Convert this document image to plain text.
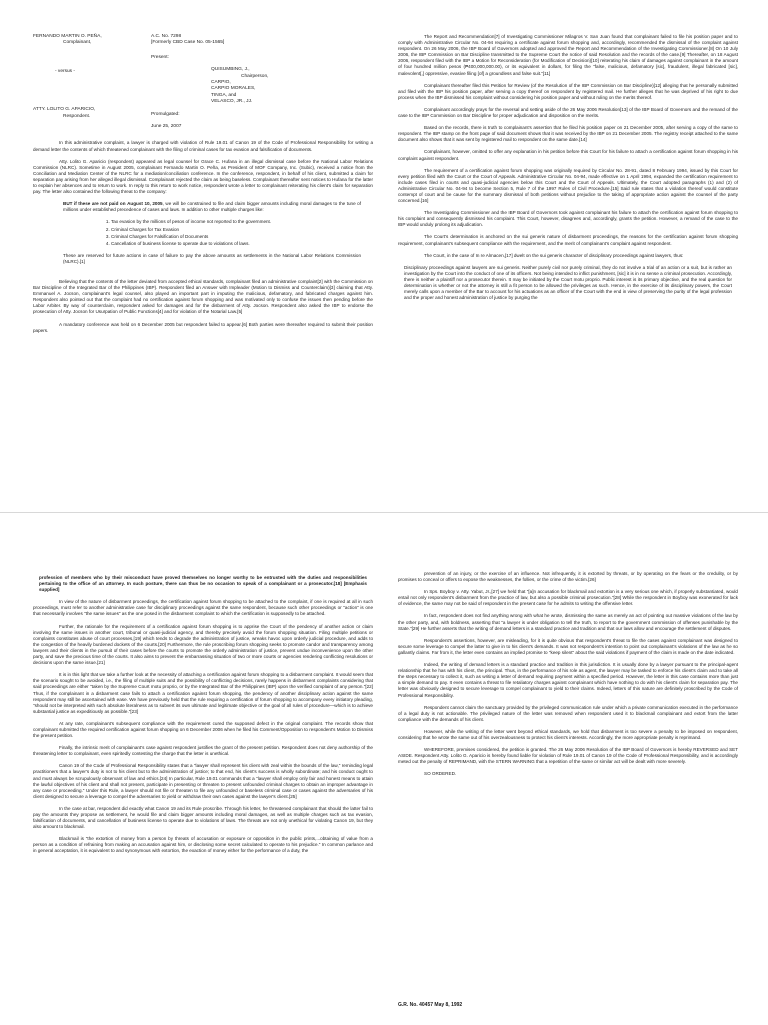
FERNANDO MARTIN O. PEÑA,
Complainant,
- versus -
ATTY. LOLITO G. APARICIO,
Respondent.

A.C. No. 7298
[Formerly CBD Case No. 05-1565]
Present:
QUISUMBING, J.,
Chairperson,
CARPIO,
CARPIO MORALES,
TINGA, and
VELASCO, JR., JJ.
Promulgated:
June 25, 2007

In this administrative complaint, a lawyer is charged with violation of Rule 19.01 of Canon 19 of the Code of Professional Responsibility for writing a demand letter the contents of which threatened complainant with the filing of criminal cases for tax evasion and falsification of documents.

Atty. Lolito G. Aparicio (respondent) appeared as legal counsel for Grace C. Hufana in an illegal dismissal case before the National Labor Relations Commission (NLRC). Sometime in August 2005, complainant Fernando Martin O. Peña, as President of MOF Company, Inc. (Subic), received a notice from the Conciliation and Mediation Center of the NLRC for a mediation/conciliation conference. In the conference, respondent, in behalf of his client, submitted a claim for separation pay arising from her alleged illegal dismissal. Complainant rejected the claim as being baseless. Complainant thereafter sent notices to Hufana for the latter to explain her absences and to return to work. In reply to this return to work notice, respondent wrote a letter to complainant reiterating his client's claim for separation pay. The letter also contained the following threat to the company:

BUT if these are not paid on August 10, 2005, we will be constrained to file and claim bigger amounts including moral damages to the tune of millions under established precedence of cases and laws. In addition to other multiple charges like:

1. Tax evasion by the millions of pesos of income not reported to the government.
2. Criminal Charges for Tax Evasion
3. Criminal Charges for Falsification of Documents
4. Cancellation of business license to operate due to violations of laws.

These are reserved for future actions in case of failure to pay the above amounts as settlements in the National Labor Relations Commission (NLRC).[1]

Believing that the contents of the letter deviated from accepted ethical standards, complainant filed an administrative complaint[2] with the Commission on Bar Discipline of the Integrated Bar of the Philippines (IBP). Respondent filed an Answer with Impleader (Motion to Dismiss and Counterclaim)[3] claiming that Atty. Emmanuel A. Jocson, complainant's legal counsel, also played an important part in imputing the malicious, defamatory, and fabricated charges against him. Respondent also pointed out that the complaint had no certification against forum shopping and was motivated only to confuse the issues then pending before the Labor Arbiter. By way of counterclaim, respondent asked for damages and for the disbarment of Atty. Jocson. Respondent also asked the IBP to endorse the prosecution of Atty. Jocson for Usurpation of Public Functions[4] and for violation of the Notarial Law.[5]

A mandatory conference was held on 6 December 2005 but respondent failed to appear.[6] Both parties were thereafter required to submit their position papers.

The Report and Recommendation[7] of Investigating Commissioner Milagros V. San Juan found that complainant failed to file his position paper and to comply with Administrative Circular No. 04-94 requiring a certificate against forum shopping and, accordingly, recommended the dismissal of the complaint against respondent. On 26 May 2006, the IBP Board of Governors adopted and approved the Report and Recommendation of the Investigating Commissioner.[8] On 10 July 2006, the IBP Commission on Bar Discipline transmitted to the Supreme Court the notice of said Resolution and the records of the case.[9] Thereafter, on 18 August 2006, respondent filed with the IBP a Motion for Reconsideration (for Modification of Decision)[10] reiterating his claim of damages against complainant in the amount of four hundred million pesos (₱400,000,000.00), or its equivalent in dollars, for filing the "false, malicious, defamatory [sic], fraudulent, illegal fabricated [sic], malevolent[,] oppressive, evasive filing [of] a groundless and false suit."[11]

Complainant thereafter filed this Petition for Review (of the Resolution of the IBP Commission on Bar Discipline)[12] alleging that he personally submitted and filed with the IBP his position paper, after serving a copy thereof on respondent by registered mail. He further alleges that he was deprived of his right to due process when the IBP dismissed his complaint without considering his position paper and without ruling on the merits thereof.

Complainant accordingly prays for the reversal and setting aside of the 26 May 2006 Resolution[13] of the IBP Board of Governors and the remand of the case to the IBP Commission on Bar Discipline for proper adjudication and disposition on the merits.

Based on the records, there is truth to complainant's assertion that he filed his position paper on 21 December 2005, after serving a copy of the same to respondent. The IBP stamp on the front page of said document shows that it was received by the IBP on 21 December 2005. The registry receipt attached to the same document also shows that it was sent by registered mail to respondent on the same date.[14]

Complainant, however, omitted to offer any explanation in his petition before this Court for his failure to attach a certification against forum shopping in his complaint against respondent.

The requirement of a certification against forum shopping was originally required by Circular No. 28-91, dated 8 February 1994, issued by this Court for every petition filed with the Court or the Court of Appeals. Administrative Circular No. 04-94, made effective on 1 April 1994, expanded the certification requirement to include cases filed in courts and quasi-judicial agencies below this Court and the Court of Appeals. Ultimately, the Court adopted paragraphs (1) and (2) of Administrative Circular No. 04-94 to become Section 5, Rule 7 of the 1997 Rules of Civil Procedure.[15] Said rule states that a violation thereof would constitute contempt of court and be cause for the summary dismissal of both petitions without prejudice to the taking of appropriate action against the counsel of the party concerned.[16]

The Investigating Commissioner and the IBP Board of Governors took against complainant his failure to attach the certification against forum shopping to his complaint and consequently dismissed his complaint. This Court, however, disagrees and, accordingly, grants the petition. However, a remand of the case to the IBP would unduly prolong its adjudication.

The Court's determination is anchored on the sui generis nature of disbarment proceedings, the reasons for the certification against forum shopping requirement, complainant's subsequent compliance with the requirement, and the merit of complainant's complaint against respondent.

The Court, in the case of In re Almacen,[17] dwelt on the sui generis character of disciplinary proceedings against lawyers, thus:

Disciplinary proceedings against lawyers are sui generis. Neither purely civil nor purely criminal, they do not involve a trial of an action or a suit, but is rather an investigation by the Court into the conduct of one of its officers. Not being intended to inflict punishment, [sic] it is in no sense a criminal prosecution. Accordingly, there is neither a plaintiff nor a prosecutor therein. It may be initiated by the Court motu proprio. Public interest is its primary objective, and the real question for determination is whether or not the attorney is still a fit person to be allowed the privileges as such. Hence, in the exercise of its disciplinary powers, the Court merely calls upon a member of the Bar to account for his actuations as an officer of the Court with the end in view of preserving the purity of the legal profession and the proper and honest administration of justice by purging the

profession of members who by their misconduct have proved themselves no longer worthy to be entrusted with the duties and responsibilities pertaining to the office of an attorney. In such posture, there can thus be no occasion to speak of a complainant or a prosecutor.[18] [Emphasis supplied]

In view of the nature of disbarment proceedings, the certification against forum shopping to be attached to the complaint, if one is required at all in such proceedings, must refer to another administrative case for disciplinary proceedings against the same respondent, because such other proceedings or "action" is one that necessarily involves "the same issues" as the one posed in the disbarment complaint to which the certification is supposedly to be attached.

Further, the rationale for the requirement of a certification against forum shopping is to apprise the Court of the pendency of another action or claim involving the same issues in another court, tribunal or quasi-judicial agency, and thereby precisely avoid the forum shopping situation. Filing multiple petitions or complaints constitutes abuse of court processes,[19] which tends to degrade the administration of justice, wreaks havoc upon orderly judicial procedure, and adds to the congestion of the heavily burdened dockets of the courts.[20] Furthermore, the rule proscribing forum shopping seeks to promote candor and transparency among lawyers and their clients in the pursuit of their cases before the courts to promote the orderly administration of justice, prevent undue inconvenience upon the other party, and save the precious time of the courts. It also aims to prevent the embarrassing situation of two or more courts or agencies rendering conflicting resolutions or decisions upon the same issue.[21]

It is in this light that we take a further look at the necessity of attaching a certification against forum shopping to a disbarment complaint. It would seem that the scenario sought to be avoided, i.e., the filing of multiple suits and the possibility of conflicting decisions, rarely happens in disbarment complaints considering that said proceedings are either "taken by the Supreme Court motu proprio, or by the Integrated Bar of the Philippines (IBP) upon the verified complaint of any person."[22] Thus, if the complainant in a disbarment case fails to attach a certification against forum shopping, the pendency of another disciplinary action against the same respondent may still be ascertained with ease. We have previously held that the rule requiring a certification of forum shopping to accompany every initiatory pleading, "should not be interpreted with such absolute literalness as to subvert its own ultimate and legitimate objective or the goal of all rules of procedure—which is to achieve substantial justice as expeditiously as possible."[23]

At any rate, complainant's subsequent compliance with the requirement cured the supposed defect in the original complaint. The records show that complainant submitted the required certification against forum shopping on 6 December 2006 when he filed his Comment/Opposition to respondent's Motion to Dismiss the present petition.

Finally, the intrinsic merit of complainant's case against respondent justifies the grant of the present petition. Respondent does not deny authorship of the threatening letter to complainant, even spiritedly contesting the charge that the letter is unethical.

Canon 19 of the Code of Professional Responsibility states that a "lawyer shall represent his client with zeal within the bounds of the law," reminding legal practitioners that a lawyer's duty is not to his client but to the administration of justice; to that end, his client's success is wholly subordinate; and his conduct ought to and must always be scrupulously observant of law and ethics.[24] In particular, Rule 19.01 commands that a "lawyer shall employ only fair and honest means to attain the lawful objectives of his client and shall not present, participate in presenting or threaten to present unfounded criminal charges to obtain an improper advantage in any case or proceeding." Under this Rule, a lawyer should not file or threaten to file any unfounded or baseless criminal case or cases against the adversaries of his client designed to secure a leverage to compel the adversaries to yield or withdraw their own cases against the lawyer's client.[25]

In the case at bar, respondent did exactly what Canon 19 and its Rule proscribe. Through his letter, he threatened complainant that should the latter fail to pay the amounts they propose as settlement, he would file and claim bigger amounts including moral damages, as well as multiple charges such as tax evasion, falsification of documents, and cancellation of business license to operate due to violations of laws. The threats are not only unethical for violating Canon 19, but they also amount to blackmail.

Blackmail is "the extortion of money from a person by threats of accusation or exposure or opposition in the public prints,...obtaining of value from a person as a condition of refraining from making an accusation against him, or disclosing some secret calculated to operate to his prejudice." In common parlance and in general acceptation, it is equivalent to and synonymous with extortion, the exaction of money either for the performance of a duty, the

prevention of an injury, or the exercise of an influence. Not infrequently, it is extorted by threats, or by operating on the fears or the credulity, or by promises to conceal or offers to expose the weaknesses, the follies, or the crime of the victim.[26]

In Sps. Boyboy v. Atty. Yabut, Jr.,[27] we held that "[a]n accusation for blackmail and extortion is a very serious one which, if properly substantiated, would entail not only respondent's disbarment from the practice of law, but also a possible criminal prosecution."[28] While the respondent in Boyboy was exonerated for lack of evidence, the same may not be said of respondent in the present case for he admits to writing the offensive letter.

In fact, respondent does not find anything wrong with what he wrote, dismissing the same as merely an act of pointing out massive violations of the law by the other party, and, with boldness, asserting that "a lawyer is under obligation to tell the truth, to report to the government commission of offenses punishable by the State."[29] He further asserts that the writing of demand letters is a standard practice and tradition and that our laws allow and encourage the settlement of disputes.

Respondent's assertions, however, are misleading, for it is quite obvious that respondent's threat to file the cases against complainant was designed to secure some leverage to compel the latter to give in to his client's demands. It was not respondent's intention to point out complainant's violations of the law as he so gallantly claims. Far from it, the letter even contains an implied promise to "keep silent" about the said violations if payment of the claim is made on the date indicated.

Indeed, the writing of demand letters is a standard practice and tradition in this jurisdiction. It is usually done by a lawyer pursuant to the principal-agent relationship that he has with his client, the principal. Thus, in the performance of his role as agent, the lawyer may be tasked to enforce his client's claim and to take all the steps necessary to collect it, such as writing a letter of demand requiring payment within a specified period. However, the letter in this case contains more than just a simple demand to pay. It even contains a threat to file retaliatory charges against complainant which have nothing to do with his client's claim for separation pay. The letter was obviously designed to secure leverage to compel complainant to yield to their claims. Indeed, letters of this nature are definitely proscribed by the Code of Professional Responsibility.

Respondent cannot claim the sanctuary provided by the privileged communication rule under which a private communication executed in the performance of a legal duty is not actionable. The privileged nature of the letter was removed when respondent used it to blackmail complainant and extort from the latter compliance with the demands of his client.

However, while the writing of the letter went beyond ethical standards, we hold that disbarment is too severe a penalty to be imposed on respondent, considering that he wrote the same out of his overzealousness to protect his client's interests. Accordingly, the more appropriate penalty is reprimand.

WHEREFORE, premises considered, the petition is granted. The 26 May 2006 Resolution of the IBP Board of Governors is hereby REVERSED and SET ASIDE. Respondent Atty. Lolito G. Aparicio is hereby found liable for violation of Rule 19.01 of Canon 19 of the Code of Professional Responsibility, and is accordingly meted out the penalty of REPRIMAND, with the STERN WARNING that a repetition of the same or similar act will be dealt with more severely.

SO ORDERED.

G.R. No. 40457 May 8, 1992
